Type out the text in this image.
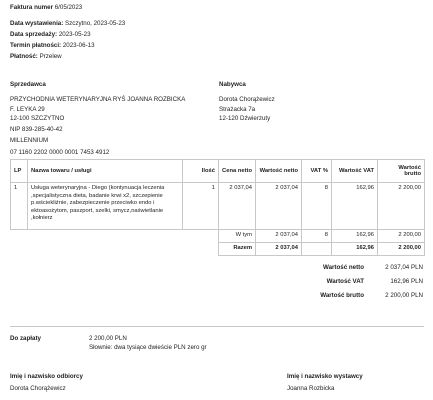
Faktura numer 6/05/2023
Data wystawienia: Szczytno, 2023-05-23
Data sprzedaży: 2023-05-23
Termin płatności: 2023-06-13
Płatność: Przelew
Sprzedawca
PRZYCHODNIA WETERYNARYJNA RYŚ JOANNA ROZBICKA
F. LEYKA 29
12-100 SZCZYTNO
NIP 839-285-40-42
MILLENNIUM
07 1160 2202 0000 0001 7453 4912
Nabywca
Dorota Chorążewicz
Strażacka 7a
12-120 Dźwierzuty
LP	Nazwa towaru / usługi	Ilość	Cena netto	Wartość netto	VAT %	Wartość VAT	Wartość
brutto

1	Usługa weterynaryjna - Diego (kontynuacja leczenia
,specjalistyczna dieta, badanie krwi x2, szczepienie
p.wściekliźnie, zabezpieczenie przeciwko endo i
ektoasożytom, paszport, szelki, smycz,naświetlanie
,kołnierz	1	2 037,04	2 037,04	8	162,96	2 200,00
			W tym	2 037,04	8	162,96	2 200,00
			Razem	2 037,04		162,96	2 200,00
Wartość netto	2 037,04 PLN
Wartość VAT	162,96 PLN
Wartość brutto	2 200,00 PLN
Do zapłaty	2 200,00 PLN
Słownie: dwa tysiące dwieście PLN zero gr
Imię i nazwisko odbiorcy
Dorota Chorążewicz
Imię i nazwisko wystawcy
Joanna Rozbicka
